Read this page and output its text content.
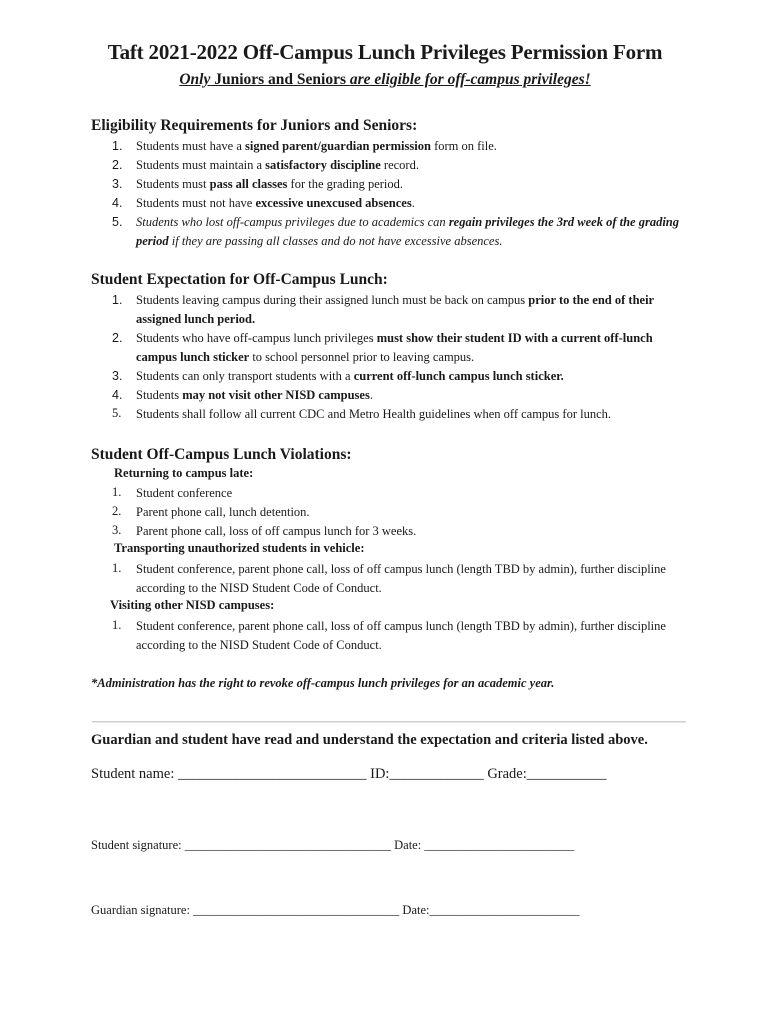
Taft 2021-2022 Off-Campus Lunch Privileges Permission Form
Only Juniors and Seniors are eligible for off-campus privileges!
Eligibility Requirements for Juniors and Seniors:
1. Students must have a signed parent/guardian permission form on file.
2. Students must maintain a satisfactory discipline record.
3. Students must pass all classes for the grading period.
4. Students must not have excessive unexcused absences.
5. Students who lost off-campus privileges due to academics can regain privileges the 3rd week of the grading period if they are passing all classes and do not have excessive absences.
Student Expectation for Off-Campus Lunch:
1. Students leaving campus during their assigned lunch must be back on campus prior to the end of their assigned lunch period.
2. Students who have off-campus lunch privileges must show their student ID with a current off-lunch campus lunch sticker to school personnel prior to leaving campus.
3. Students can only transport students with a current off-lunch campus lunch sticker.
4. Students may not visit other NISD campuses.
5. Students shall follow all current CDC and Metro Health guidelines when off campus for lunch.
Student Off-Campus Lunch Violations:
Returning to campus late:
1. Student conference
2. Parent phone call, lunch detention.
3. Parent phone call, loss of off campus lunch for 3 weeks.
Transporting unauthorized students in vehicle:
1. Student conference, parent phone call, loss of off campus lunch (length TBD by admin), further discipline according to the NISD Student Code of Conduct.
Visiting other NISD campuses:
1. Student conference, parent phone call, loss of off campus lunch (length TBD by admin), further discipline according to the NISD Student Code of Conduct.
*Administration has the right to revoke off-campus lunch privileges for an academic year.
Guardian and student have read and understand the expectation and criteria listed above.
Student name: __________________________ ID:_____________ Grade:___________
Student signature: _________________________________ Date: ________________________
Guardian signature: _________________________________ Date:________________________
